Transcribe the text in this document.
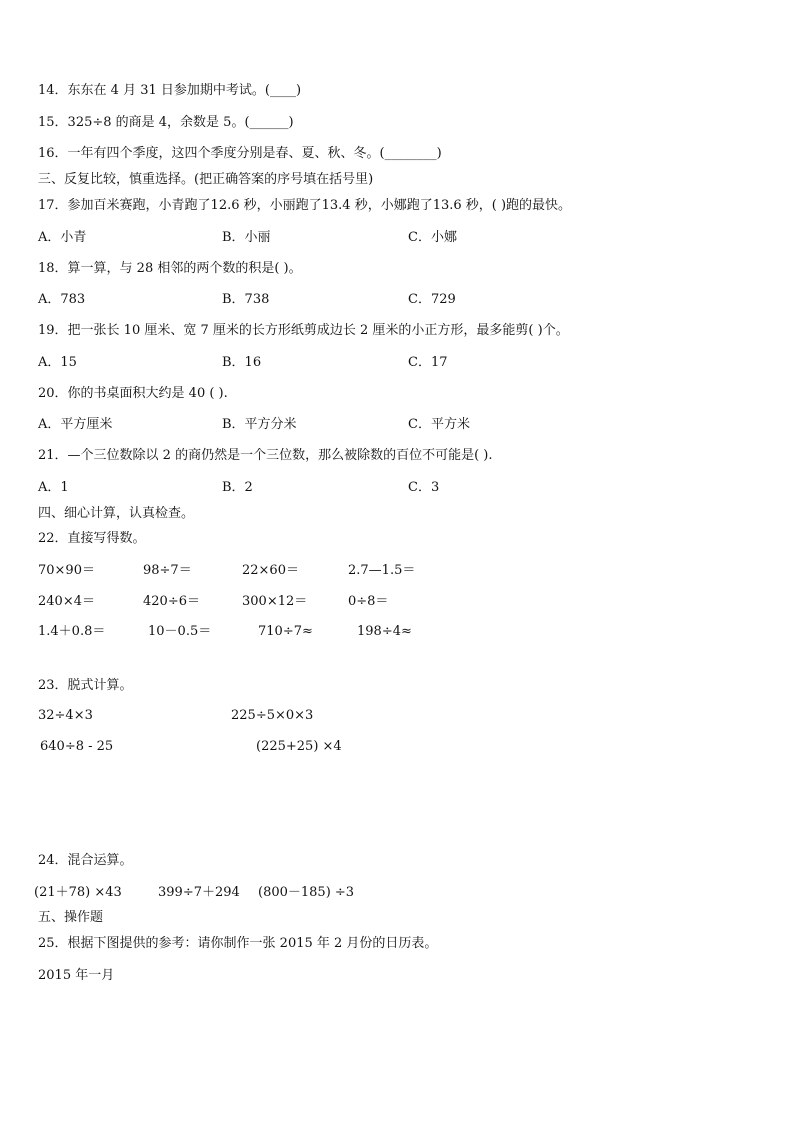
14．东东在 4 月 31 日参加期中考试。(____)
15．325÷8 的商是 4，余数是 5。(______)
16．一年有四个季度，这四个季度分别是春、夏、秋、冬。(________)
三、反复比较，慎重选择。(把正确答案的序号填在括号里)
17．参加百米赛跑，小青跑了12.6 秒，小丽跑了13.4 秒，小娜跑了13.6 秒，( )跑的最快。
A．小青	B．小丽	C．小娜
18．算一算，与 28 相邻的两个数的积是( )。
A．783	B．738	C．729
19．把一张长 10 厘米、宽 7 厘米的长方形纸剪成边长 2 厘米的小正方形，最多能剪( )个。
A．15	B．16	C．17
20．你的书桌面积大约是 40 ( ).
A．平方厘米	B．平方分米	C．平方米
21．—个三位数除以 2 的商仍然是一个三位数，那么被除数的百位不可能是( ).
A．1	B．2	C．3
四、细心计算，认真检查。
22．直接写得数。
70×90＝	98÷7＝	22×60＝	2.7—1.5＝
240×4＝	420÷6＝	300×12＝	0÷8＝
1.4＋0.8＝	10－0.5＝	710÷7≈	198÷4≈
23．脱式计算。
32÷4×3	225÷5×0×3
640÷8 - 25	(225+25) ×4
24．混合运算。
(21＋78) ×43	399÷7＋294 (800－185) ÷3
五、操作题
25．根据下图提供的参考：请你制作一张 2015 年 2 月份的日历表。
2015 年一月
